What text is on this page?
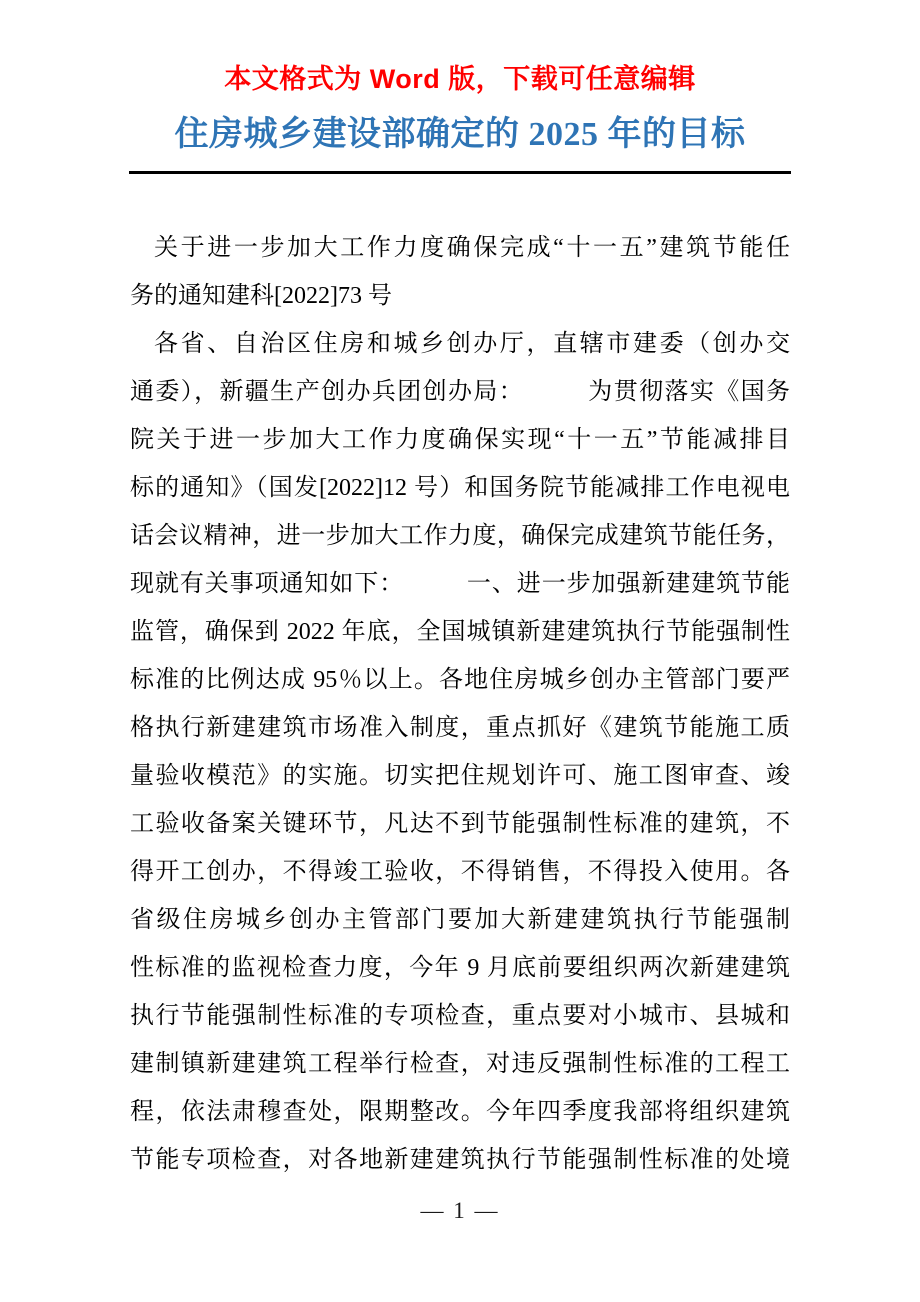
本文格式为 Word 版，下载可任意编辑
住房城乡建设部确定的 2025 年的目标
关于进一步加大工作力度确保完成“十一五”建筑节能任
务的通知建科[2022]73 号
各省、自治区住房和城乡创办厅，直辖市建委（创办交
通委），新疆生产创办兵团创办局：　　　为贯彻落实《国务
院关于进一步加大工作力度确保实现“十一五”节能减排目
标的通知》（国发[2022]12 号）和国务院节能减排工作电视电
话会议精神，进一步加大工作力度，确保完成建筑节能任务，
现就有关事项通知如下：　　　一、进一步加强新建建筑节能
监管，确保到 2022 年底，全国城镇新建建筑执行节能强制性
标准的比例达成 95％以上。各地住房城乡创办主管部门要严
格执行新建建筑市场准入制度，重点抓好《建筑节能施工质
量验收模范》的实施。切实把住规划许可、施工图审查、竣
工验收备案关键环节，凡达不到节能强制性标准的建筑，不
得开工创办，不得竣工验收，不得销售，不得投入使用。各
省级住房城乡创办主管部门要加大新建建筑执行节能强制
性标准的监视检查力度，今年 9 月底前要组织两次新建建筑
执行节能强制性标准的专项检查，重点要对小城市、县城和
建制镇新建建筑工程举行检查，对违反强制性标准的工程工
程，依法肃穆查处，限期整改。今年四季度我部将组织建筑
节能专项检查，对各地新建建筑执行节能强制性标准的处境
— 1 —
